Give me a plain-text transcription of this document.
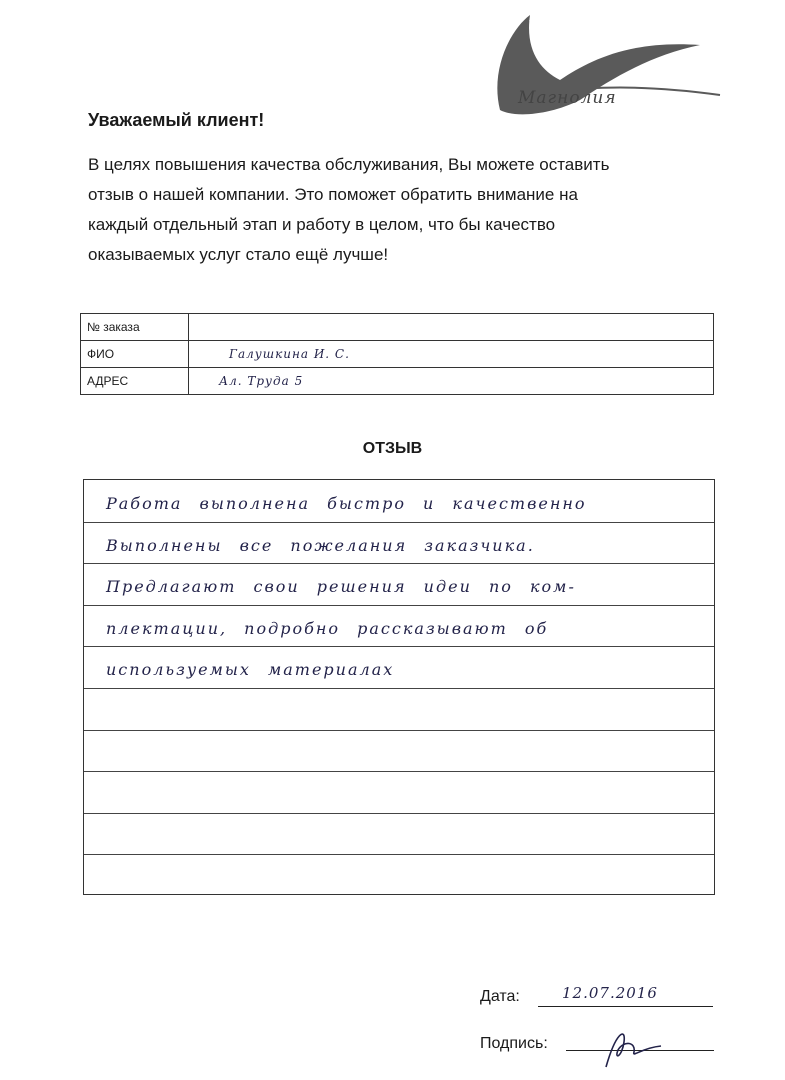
Магнолия
Уважаемый клиент!
В целях повышения качества обслуживания, Вы можете оставить
отзыв о нашей компании. Это поможет обратить внимание на
каждый отдельный этап и работу в целом, что бы качество
оказываемых услуг стало ещё лучше!
№ заказа	
ФИО	Галушкина И. С.
АДРЕС	Ал. Труда 5
ОТЗЫВ
Работа выполнена быстро и качественно
Выполнены все пожелания заказчика.
Предлагают свои решения идеи по ком-
плектации, подробно рассказывают об
используемых материалах
Дата:	12.07.2016
Подпись:
